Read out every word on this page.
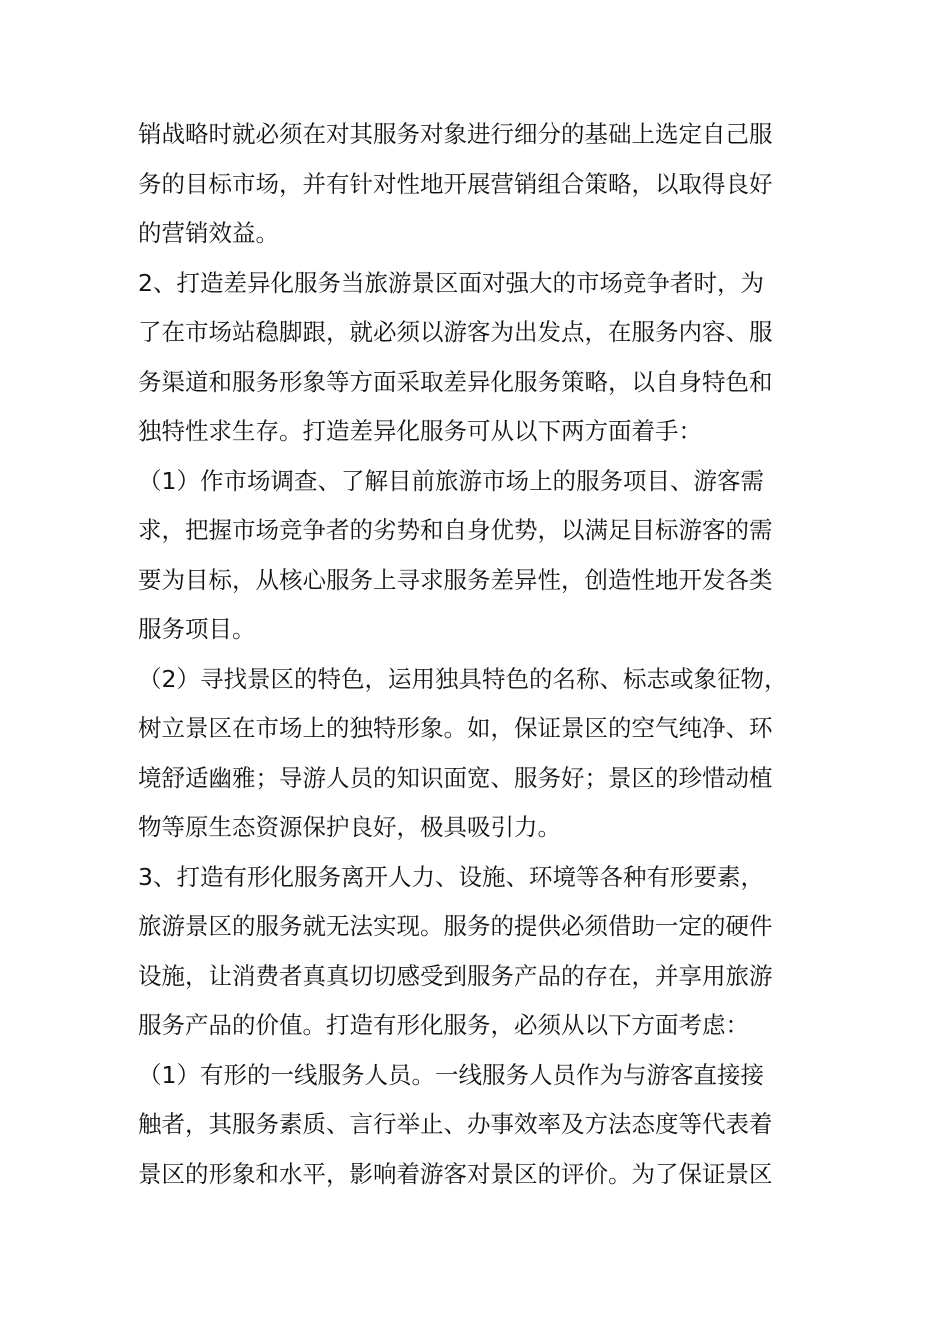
销战略时就必须在对其服务对象进行细分的基础上选定自己服
务的目标市场，并有针对性地开展营销组合策略，以取得良好
的营销效益。
2、打造差异化服务当旅游景区面对强大的市场竞争者时，为
了在市场站稳脚跟，就必须以游客为出发点，在服务内容、服
务渠道和服务形象等方面采取差异化服务策略，以自身特色和
独特性求生存。打造差异化服务可从以下两方面着手：
（1）作市场调查、了解目前旅游市场上的服务项目、游客需
求，把握市场竞争者的劣势和自身优势，以满足目标游客的需
要为目标，从核心服务上寻求服务差异性，创造性地开发各类
服务项目。
（2）寻找景区的特色，运用独具特色的名称、标志或象征物，
树立景区在市场上的独特形象。如，保证景区的空气纯净、环
境舒适幽雅；导游人员的知识面宽、服务好；景区的珍惜动植
物等原生态资源保护良好，极具吸引力。
3、打造有形化服务离开人力、设施、环境等各种有形要素，
旅游景区的服务就无法实现。服务的提供必须借助一定的硬件
设施，让消费者真真切切感受到服务产品的存在，并享用旅游
服务产品的价值。打造有形化服务，必须从以下方面考虑：
（1）有形的一线服务人员。一线服务人员作为与游客直接接
触者，其服务素质、言行举止、办事效率及方法态度等代表着
景区的形象和水平，影响着游客对景区的评价。为了保证景区
